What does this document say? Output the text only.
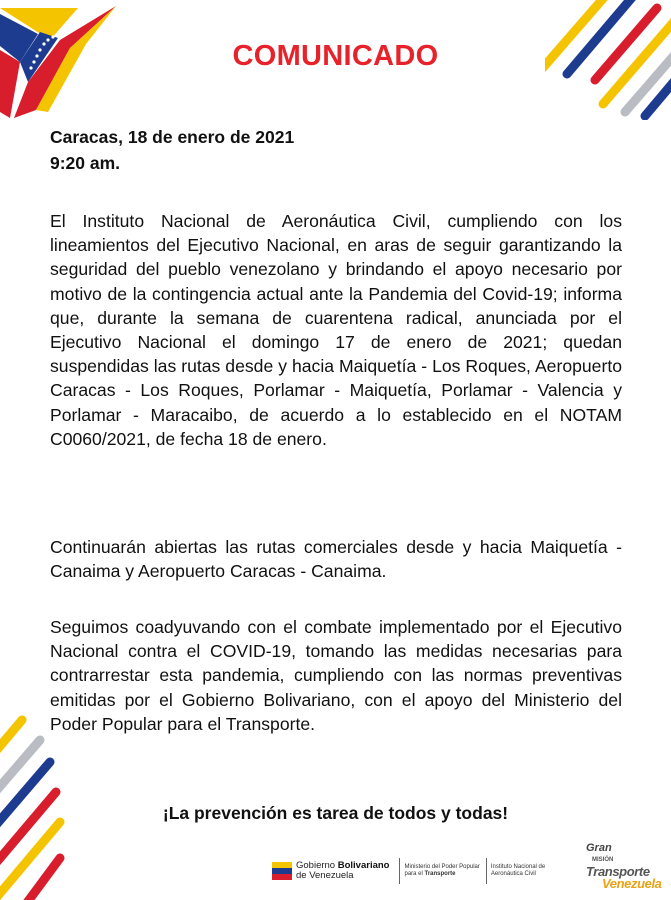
COMUNICADO
Caracas, 18 de enero de 2021
9:20 am.

El Instituto Nacional de Aeronáutica Civil, cumpliendo con los lineamientos del Ejecutivo Nacional, en aras de seguir garantizando la seguridad del pueblo venezolano y brindando el apoyo necesario por motivo de la contingencia actual ante la Pandemia del Covid-19; informa que, durante la semana de cuarentena radical, anunciada por el Ejecutivo Nacional el domingo 17 de enero de 2021; quedan suspendidas las rutas desde y hacia Maiquetía - Los Roques, Aeropuerto Caracas - Los Roques, Porlamar - Maiquetía, Porlamar - Valencia y Porlamar - Maracaibo, de acuerdo a lo establecido en el NOTAM C0060/2021, de fecha 18 de enero.

Continuarán abiertas las rutas comerciales desde y hacia Maiquetía - Canaima y Aeropuerto Caracas - Canaima.

Seguimos coadyuvando con el combate implementado por el Ejecutivo Nacional contra el COVID-19, tomando las medidas necesarias para contrarrestar esta pandemia, cumpliendo con las normas preventivas emitidas por el Gobierno Bolivariano, con el apoyo del Ministerio del Poder Popular para el Transporte.

¡La prevención es tarea de todos y todas!
Gobierno Bolivariano
de Venezuela
Ministerio del Poder Popular
para el Transporte
Instituto Nacional de
Aeronáutica Civil
Gran
MISIÓN
Transporte
Venezuela
